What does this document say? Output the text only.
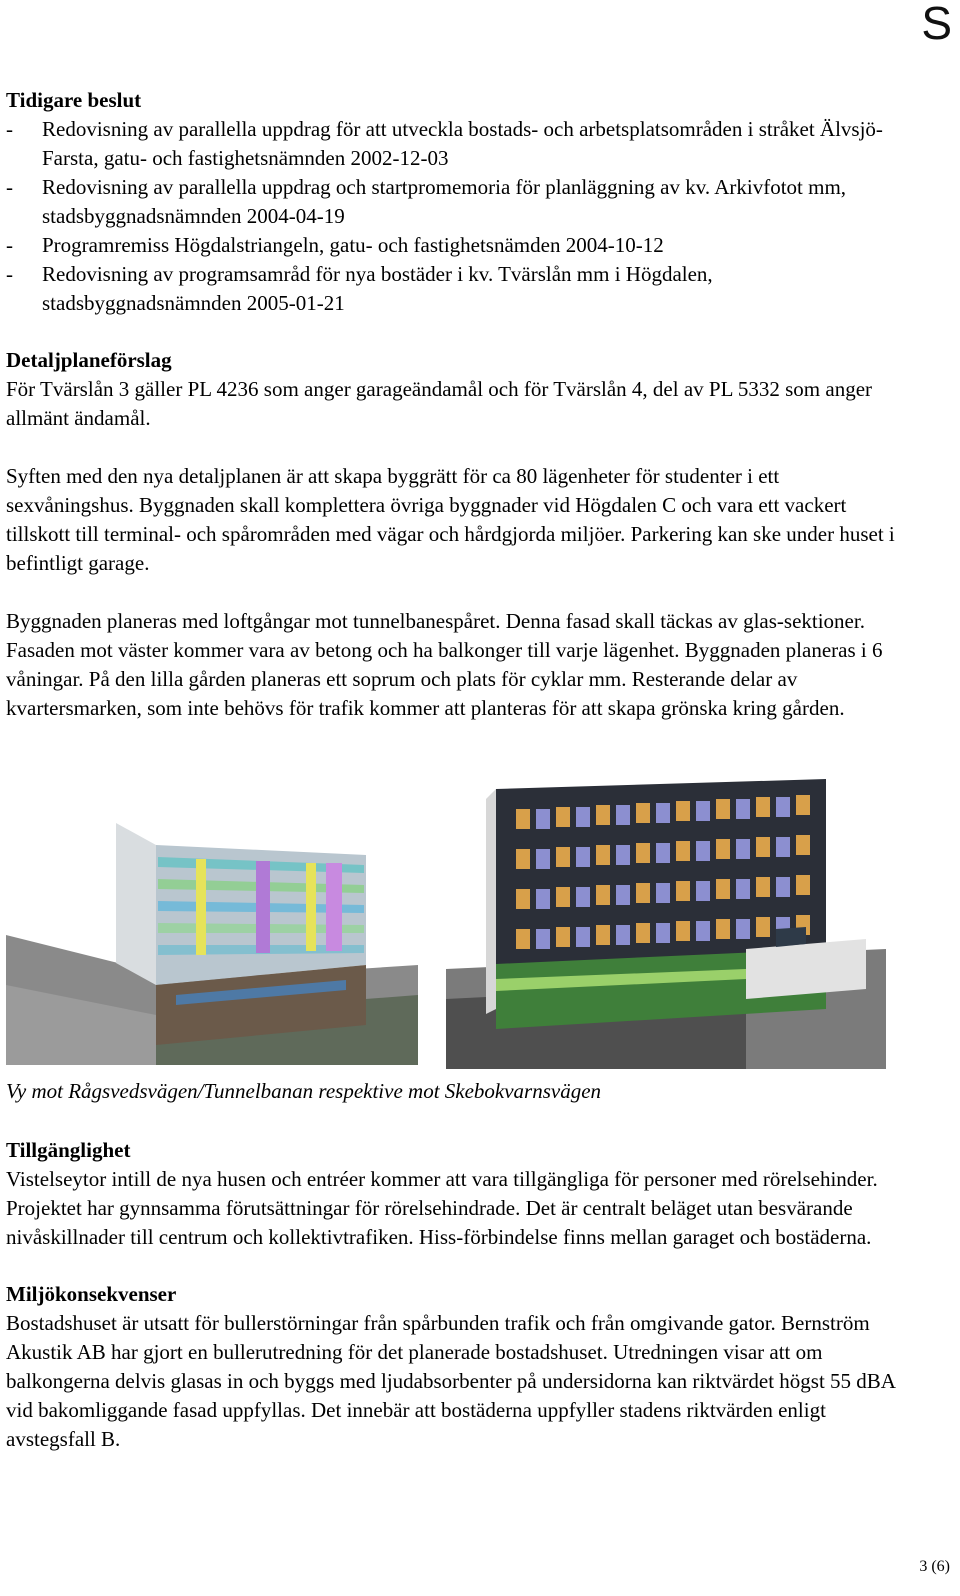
S
Tidigare beslut
- Redovisning av parallella uppdrag för att utveckla bostads- och arbetsplatsområden i stråket Älvsjö-Farsta, gatu- och fastighetsnämnden 2002-12-03
- Redovisning av parallella uppdrag och startpromemoria för planläggning av kv. Arkivfotot mm, stadsbyggnadsnämnden 2004-04-19
- Programremiss Högdalstriangeln, gatu- och fastighetsnämden 2004-10-12
- Redovisning av programsamråd för nya bostäder i kv. Tvärslån mm i Högdalen, stadsbyggnadsnämnden 2005-01-21
Detaljplaneförslag

För Tvärslån 3 gäller PL 4236 som anger garageändamål och för Tvärslån 4, del av PL 5332 som anger allmänt ändamål.

Syften med den nya detaljplanen är att skapa byggrätt för ca 80 lägenheter för studenter i ett sexvåningshus. Byggnaden skall komplettera övriga byggnader vid Högdalen C och vara ett vackert tillskott till terminal- och spårområden med vägar och hårdgjorda miljöer. Parkering kan ske under huset i befintligt garage.

Byggnaden planeras med loftgångar mot tunnelbanespåret. Denna fasad skall täckas av glas-sektioner. Fasaden mot väster kommer vara av betong och ha balkonger till varje lägenhet. Byggnaden planeras i 6 våningar. På den lilla gården planeras ett soprum och plats för cyklar mm. Resterande delar av kvartersmarken, som inte behövs för trafik kommer att planteras för att skapa grönska kring gården.

Vy mot Rågsvedsvägen/Tunnelbanan respektive mot Skebokvarnsvägen
Tillgänglighet

Vistelseytor intill de nya husen och entréer kommer att vara tillgängliga för personer med rörelsehinder. Projektet har gynnsamma förutsättningar för rörelsehindrade. Det är centralt beläget utan besvärande nivåskillnader till centrum och kollektivtrafiken. Hiss-förbindelse finns mellan garaget och bostäderna.

Miljökonsekvenser

Bostadshuset är utsatt för bullerstörningar från spårbunden trafik och från omgivande gator. Bernström Akustik AB har gjort en bullerutredning för det planerade bostadshuset. Utredningen visar att om balkongerna delvis glasas in och byggs med ljudabsorbenter på undersidorna kan riktvärdet högst 55 dBA vid bakomliggande fasad uppfyllas. Det innebär att bostäderna uppfyller stadens riktvärden enligt avstegsfall B.

3 (6)
